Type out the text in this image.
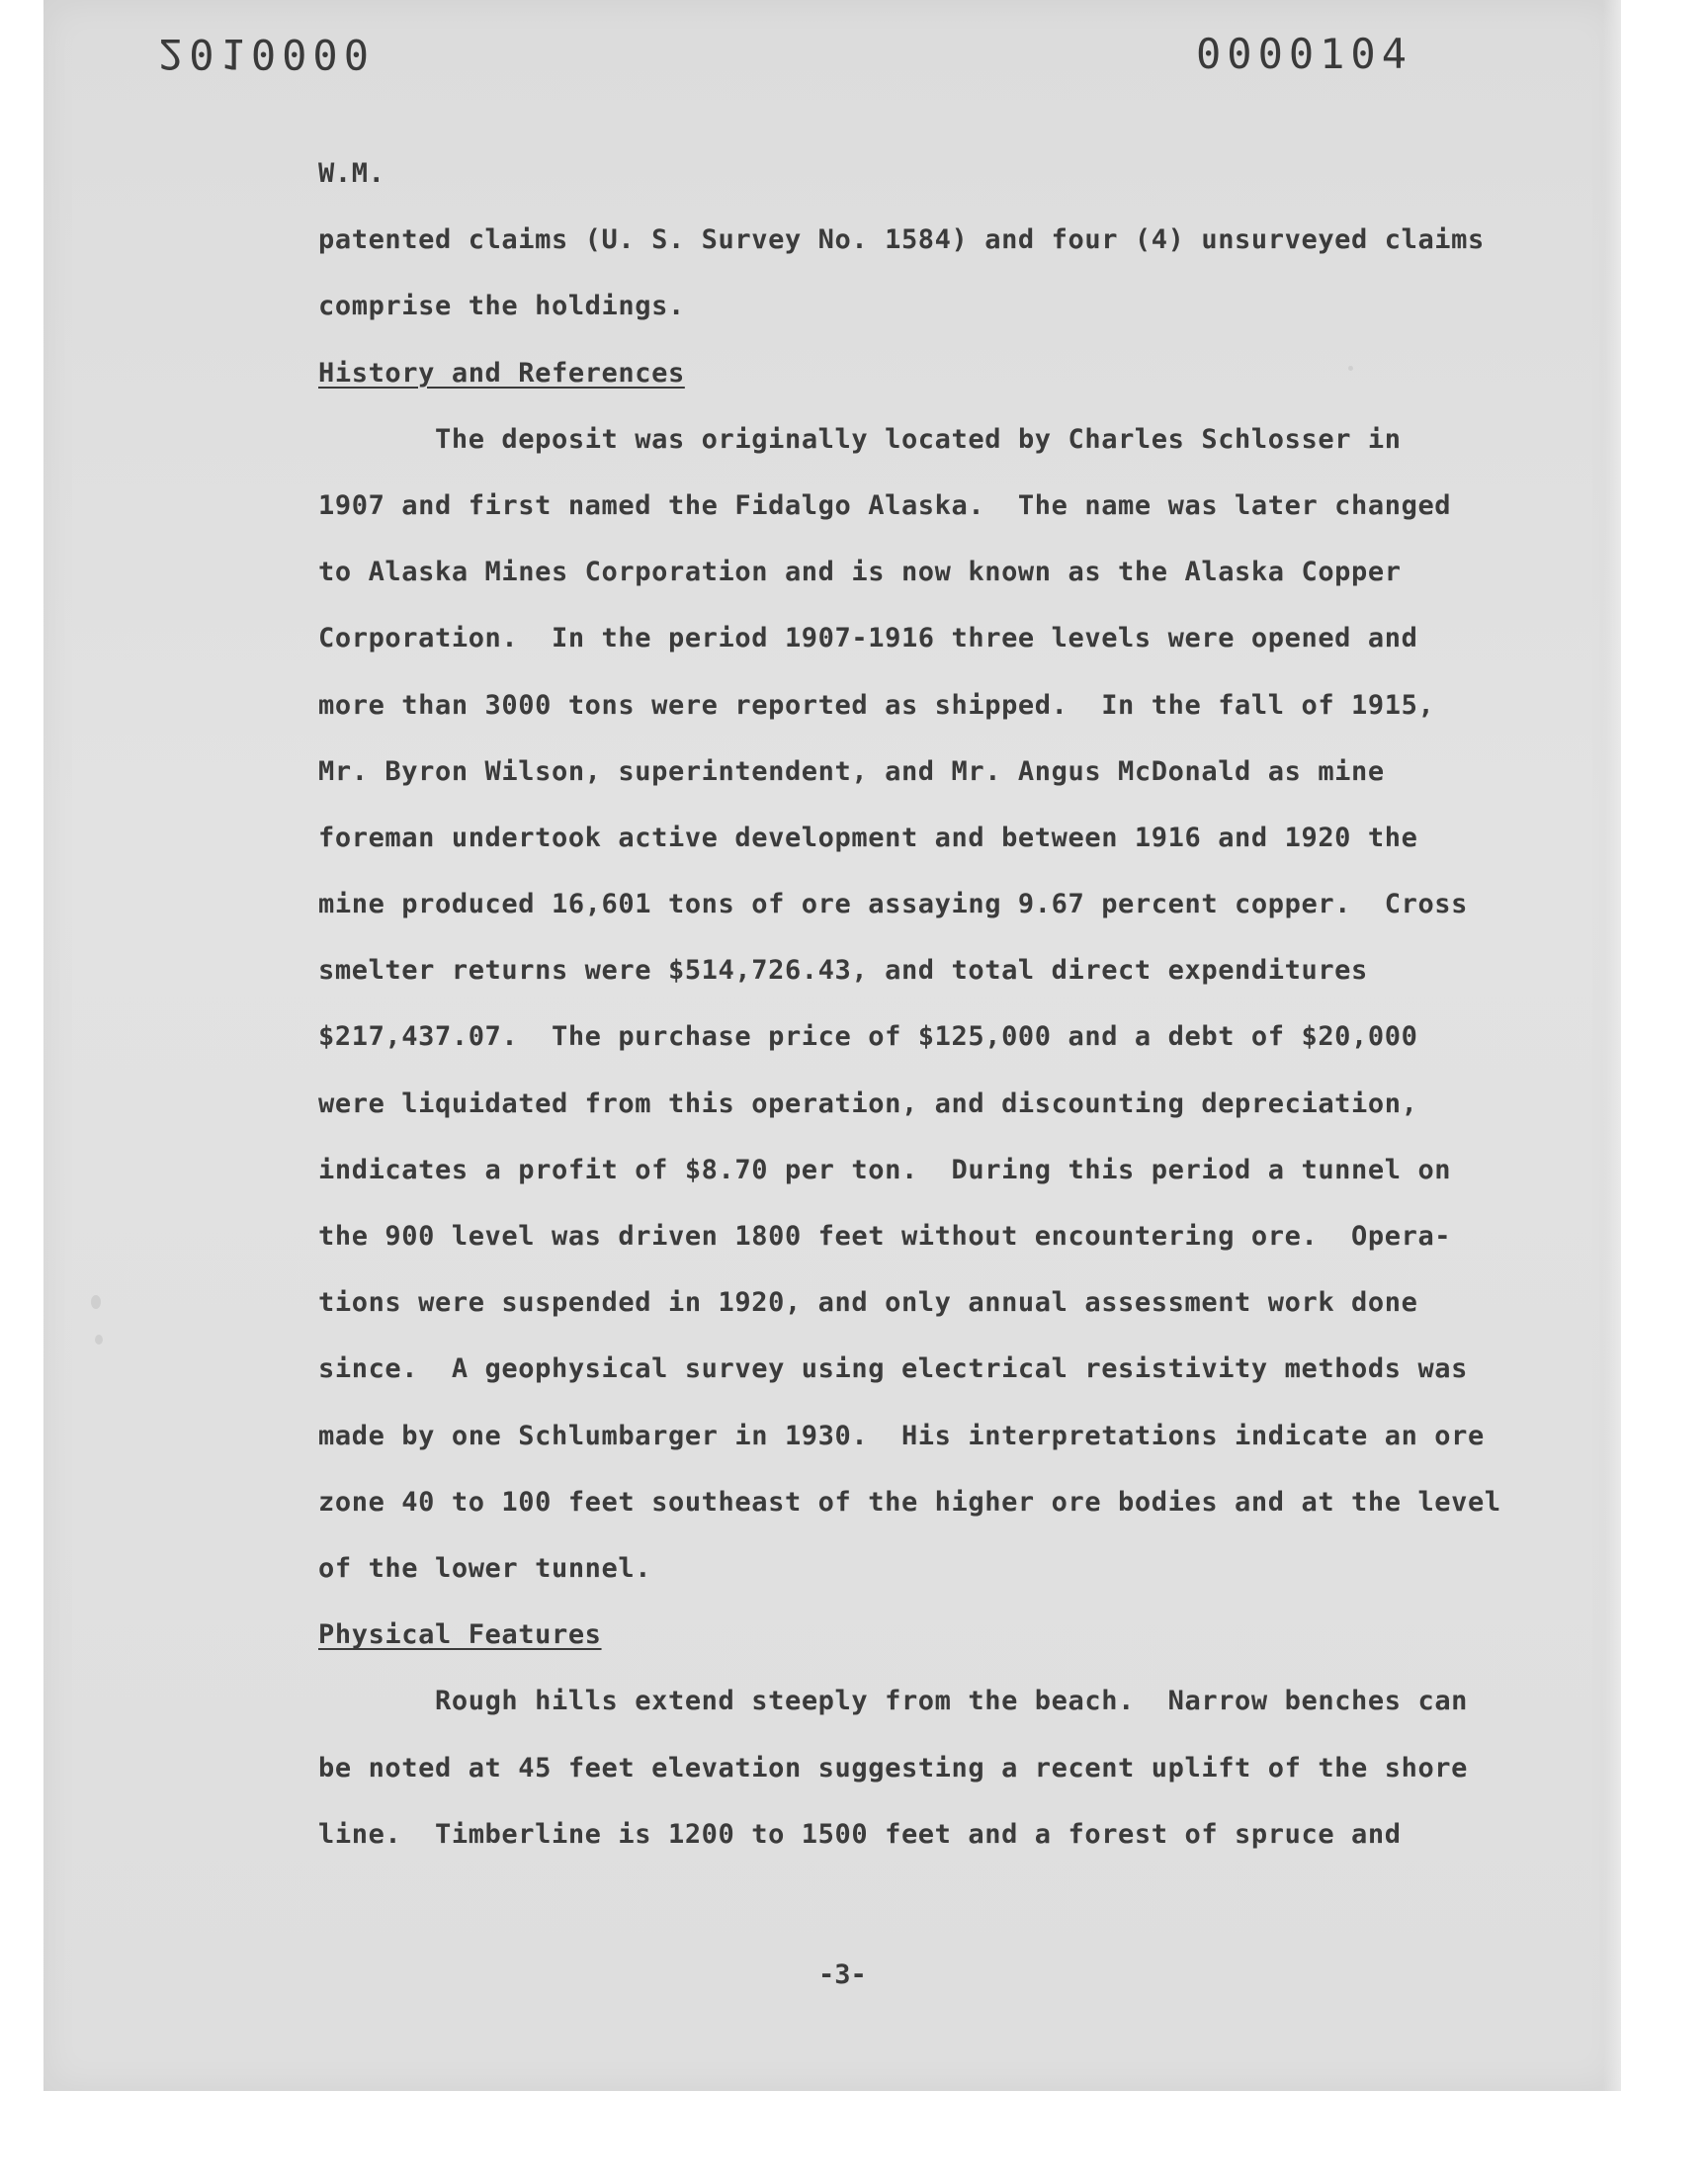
2010000	0000104
W.M.
patented claims (U. S. Survey No. 1584) and four (4) unsurveyed claims
comprise the holdings.
History and References
The deposit was originally located by Charles Schlosser in
1907 and first named the Fidalgo Alaska.  The name was later changed
to Alaska Mines Corporation and is now known as the Alaska Copper
Corporation.  In the period 1907-1916 three levels were opened and
more than 3000 tons were reported as shipped.  In the fall of 1915,
Mr. Byron Wilson, superintendent, and Mr. Angus McDonald as mine
foreman undertook active development and between 1916 and 1920 the
mine produced 16,601 tons of ore assaying 9.67 percent copper.  Cross
smelter returns were $514,726.43, and total direct expenditures
$217,437.07.  The purchase price of $125,000 and a debt of $20,000
were liquidated from this operation, and discounting depreciation,
indicates a profit of $8.70 per ton.  During this period a tunnel on
the 900 level was driven 1800 feet without encountering ore.  Opera-
tions were suspended in 1920, and only annual assessment work done
since.  A geophysical survey using electrical resistivity methods was
made by one Schlumbarger in 1930.  His interpretations indicate an ore
zone 40 to 100 feet southeast of the higher ore bodies and at the level
of the lower tunnel.
Physical Features
Rough hills extend steeply from the beach.  Narrow benches can
be noted at 45 feet elevation suggesting a recent uplift of the shore
line.  Timberline is 1200 to 1500 feet and a forest of spruce and
-3-
